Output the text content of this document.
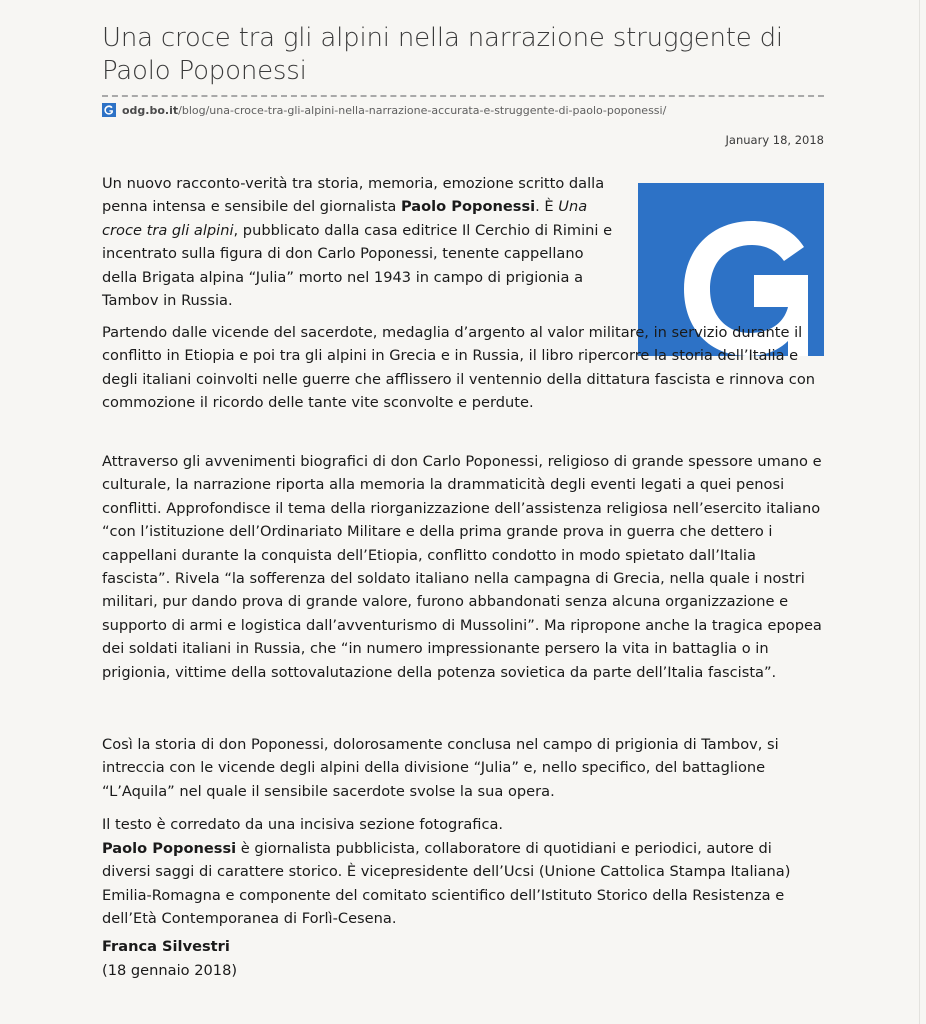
Una croce tra gli alpini nella narrazione struggente di Paolo Poponessi
odg.bo.it /blog/una-croce-tra-gli-alpini-nella-narrazione-accurata-e-struggente-di-paolo-poponessi/
January 18, 2018

Un nuovo racconto-verità tra storia, memoria, emozione scritto dalla penna intensa e sensibile del giornalista Paolo Poponessi. È Una croce tra gli alpini, pubblicato dalla casa editrice Il Cerchio di Rimini e incentrato sulla figura di don Carlo Poponessi, tenente cappellano della Brigata alpina “Julia” morto nel 1943 in campo di prigionia a Tambov in Russia.

Partendo dalle vicende del sacerdote, medaglia d’argento al valor militare, in servizio durante il conflitto in Etiopia e poi tra gli alpini in Grecia e in Russia, il libro ripercorre la storia dell’Italia e degli italiani coinvolti nelle guerre che afflissero il ventennio della dittatura fascista e rinnova con commozione il ricordo delle tante vite sconvolte e perdute.

Attraverso gli avvenimenti biografici di don Carlo Poponessi, religioso di grande spessore umano e culturale, la narrazione riporta alla memoria la drammaticità degli eventi legati a quei penosi conflitti. Approfondisce il tema della riorganizzazione dell’assistenza religiosa nell’esercito italiano “con l’istituzione dell’Ordinariato Militare e della prima grande prova in guerra che dettero i cappellani durante la conquista dell’Etiopia, conflitto condotto in modo spietato dall’Italia fascista”. Rivela “la sofferenza del soldato italiano nella campagna di Grecia, nella quale i nostri militari, pur dando prova di grande valore, furono abbandonati senza alcuna organizzazione e supporto di armi e logistica dall’avventurismo di Mussolini”. Ma ripropone anche la tragica epopea dei soldati italiani in Russia, che “in numero impressionante persero la vita in battaglia o in prigionia, vittime della sottovalutazione della potenza sovietica da parte dell’Italia fascista”.

Così la storia di don Poponessi, dolorosamente conclusa nel campo di prigionia di Tambov, si intreccia con le vicende degli alpini della divisione “Julia” e, nello specifico, del battaglione “L’Aquila” nel quale il sensibile sacerdote svolse la sua opera.

Il testo è corredato da una incisiva sezione fotografica.

Paolo Poponessi è giornalista pubblicista, collaboratore di quotidiani e periodici, autore di diversi saggi di carattere storico. È vicepresidente dell’Ucsi (Unione Cattolica Stampa Italiana) Emilia-Romagna e componente del comitato scientifico dell’Istituto Storico della Resistenza e dell’Età Contemporanea di Forlì-Cesena.

Franca Silvestri

(18 gennaio 2018)
